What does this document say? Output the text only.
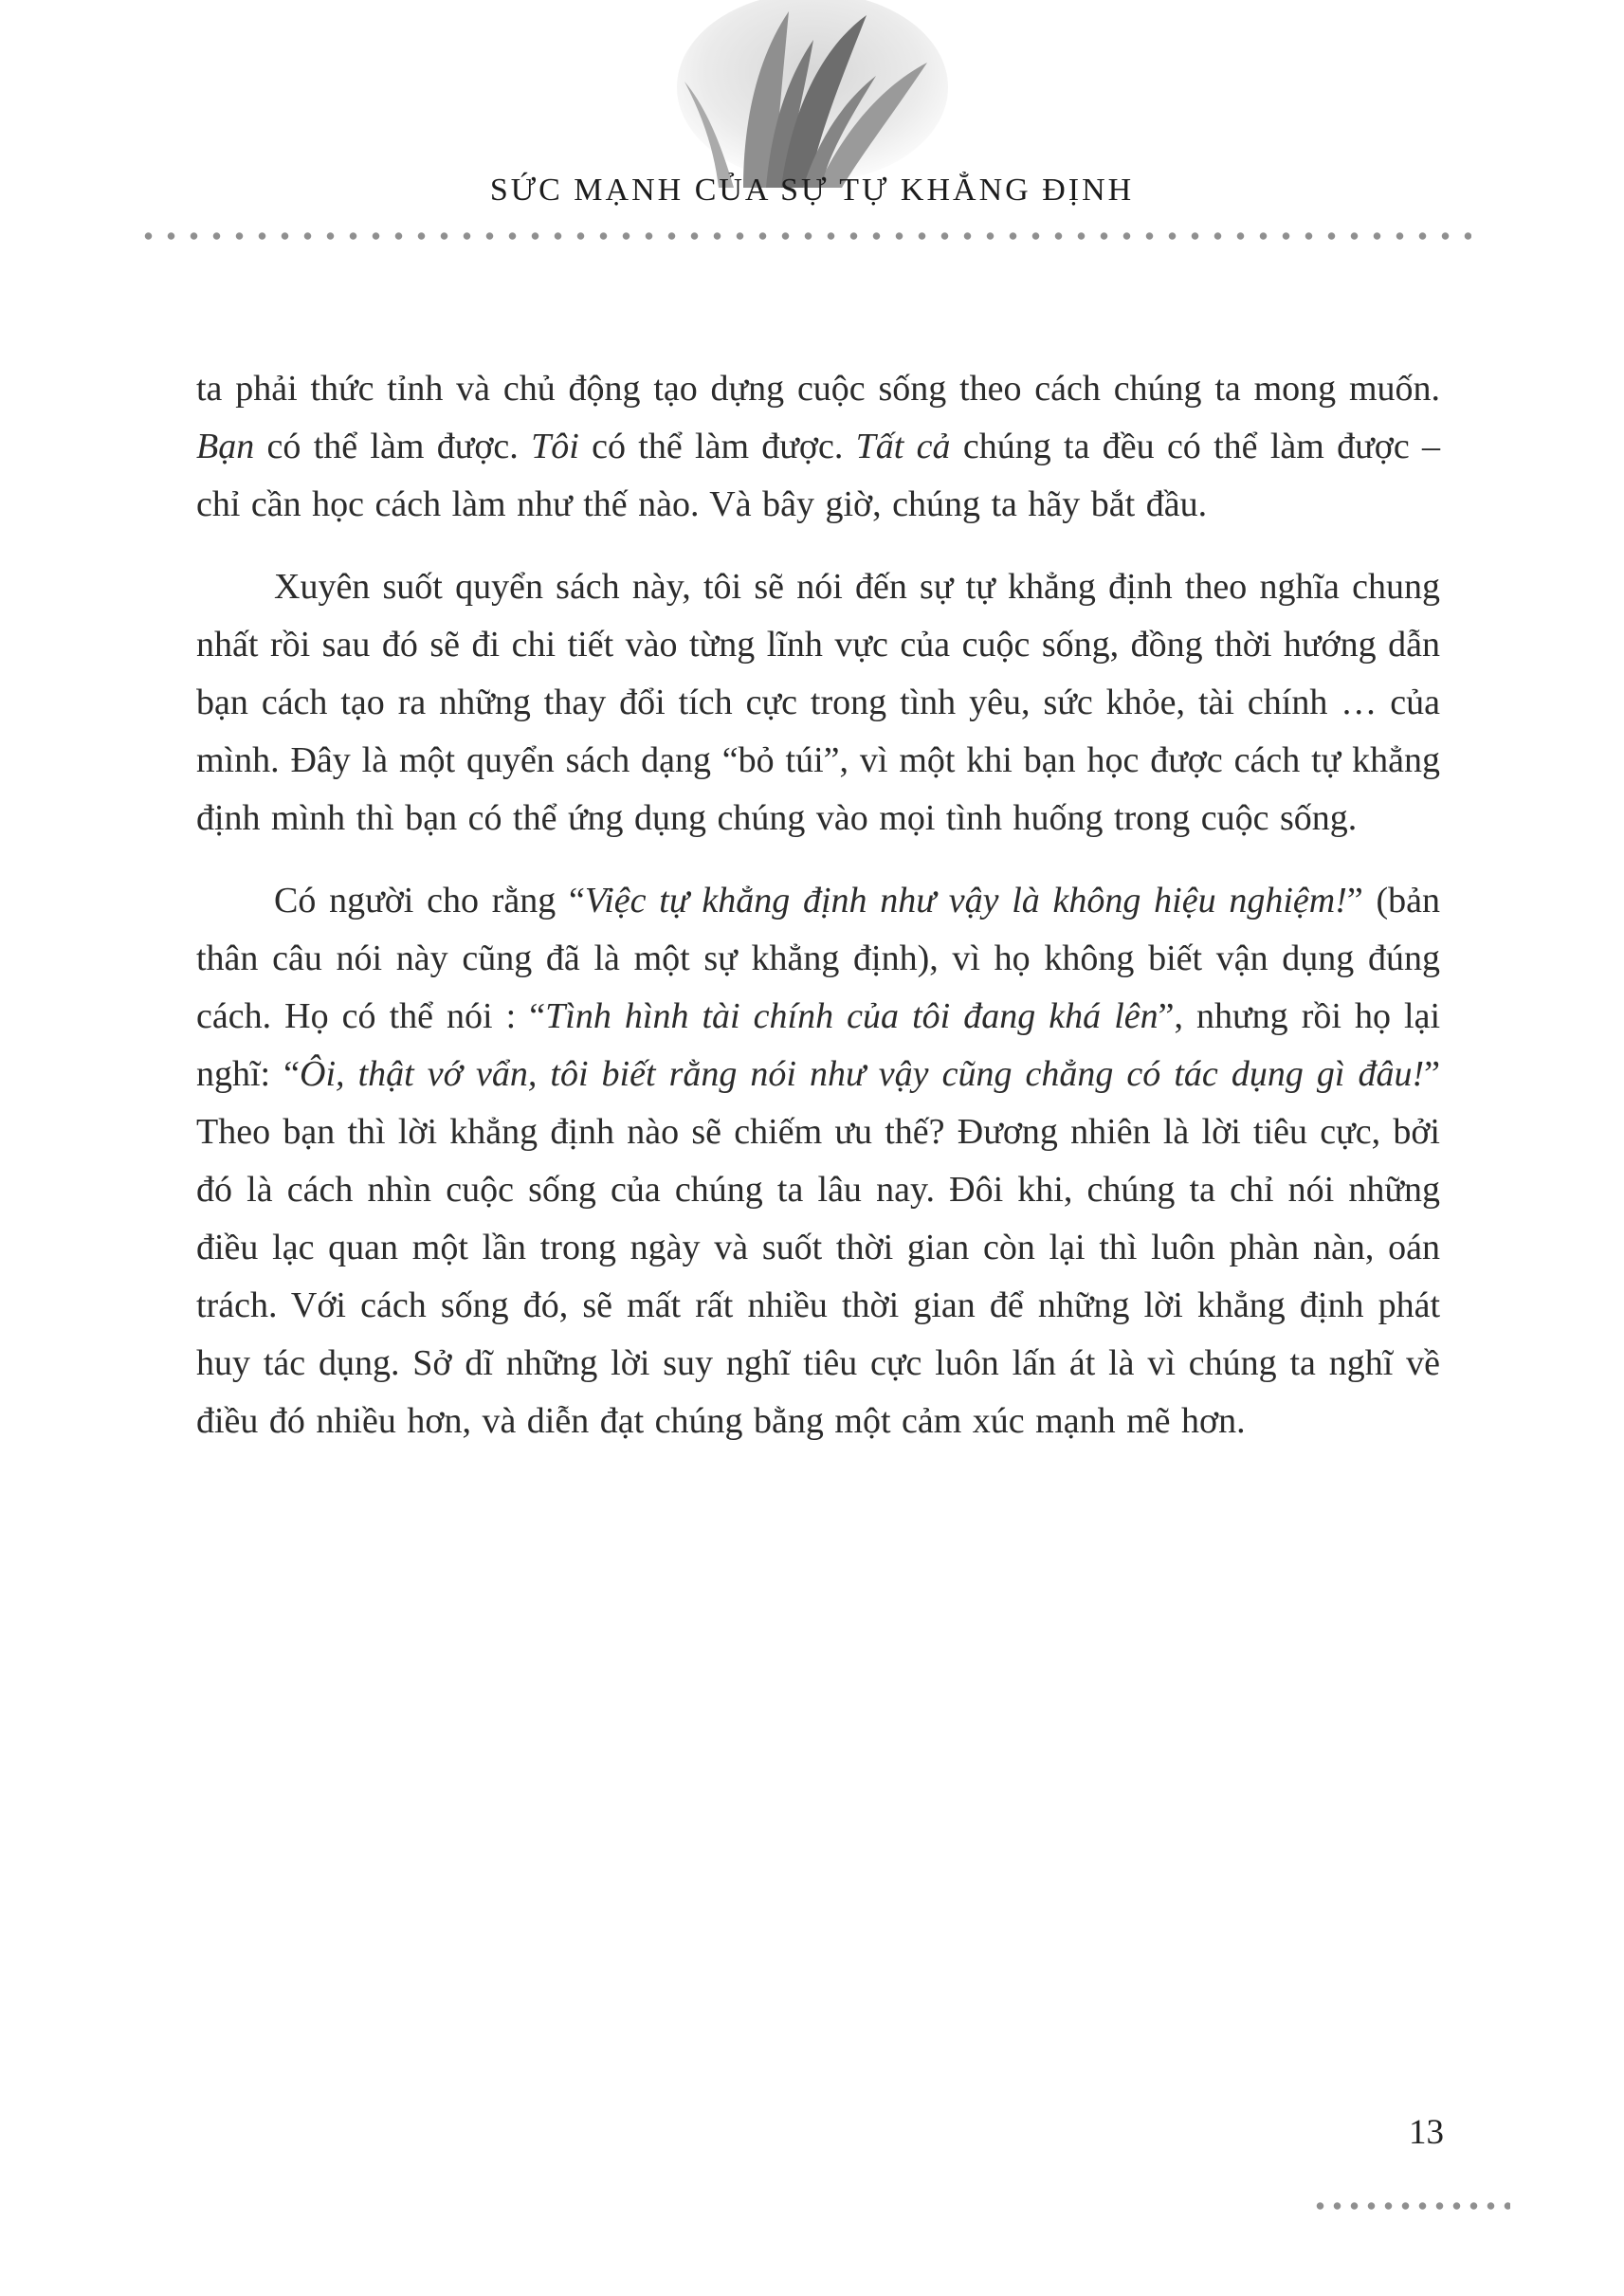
SỨC MẠNH CỦA SỰ TỰ KHẲNG ĐỊNH

ta phải thức tỉnh và chủ động tạo dựng cuộc sống theo cách chúng ta mong muốn. Bạn có thể làm được. Tôi có thể làm được. Tất cả chúng ta đều có thể làm được – chỉ cần học cách làm như thế nào. Và bây giờ, chúng ta hãy bắt đầu.

Xuyên suốt quyển sách này, tôi sẽ nói đến sự tự khẳng định theo nghĩa chung nhất rồi sau đó sẽ đi chi tiết vào từng lĩnh vực của cuộc sống, đồng thời hướng dẫn bạn cách tạo ra những thay đổi tích cực trong tình yêu, sức khỏe, tài chính … của mình. Đây là một quyển sách dạng “bỏ túi”, vì một khi bạn học được cách tự khẳng định mình thì bạn có thể ứng dụng chúng vào mọi tình huống trong cuộc sống.

Có người cho rằng “Việc tự khẳng định như vậy là không hiệu nghiệm!” (bản thân câu nói này cũng đã là một sự khẳng định), vì họ không biết vận dụng đúng cách. Họ có thể nói : “Tình hình tài chính của tôi đang khá lên”, nhưng rồi họ lại nghĩ: “Ôi, thật vớ vẩn, tôi biết rằng nói như vậy cũng chẳng có tác dụng gì đâu!” Theo bạn thì lời khẳng định nào sẽ chiếm ưu thế? Đương nhiên là lời tiêu cực, bởi đó là cách nhìn cuộc sống của chúng ta lâu nay. Đôi khi, chúng ta chỉ nói những điều lạc quan một lần trong ngày và suốt thời gian còn lại thì luôn phàn nàn, oán trách. Với cách sống đó, sẽ mất rất nhiều thời gian để những lời khẳng định phát huy tác dụng. Sở dĩ những lời suy nghĩ tiêu cực luôn lấn át là vì chúng ta nghĩ về điều đó nhiều hơn, và diễn đạt chúng bằng một cảm xúc mạnh mẽ hơn.

13
